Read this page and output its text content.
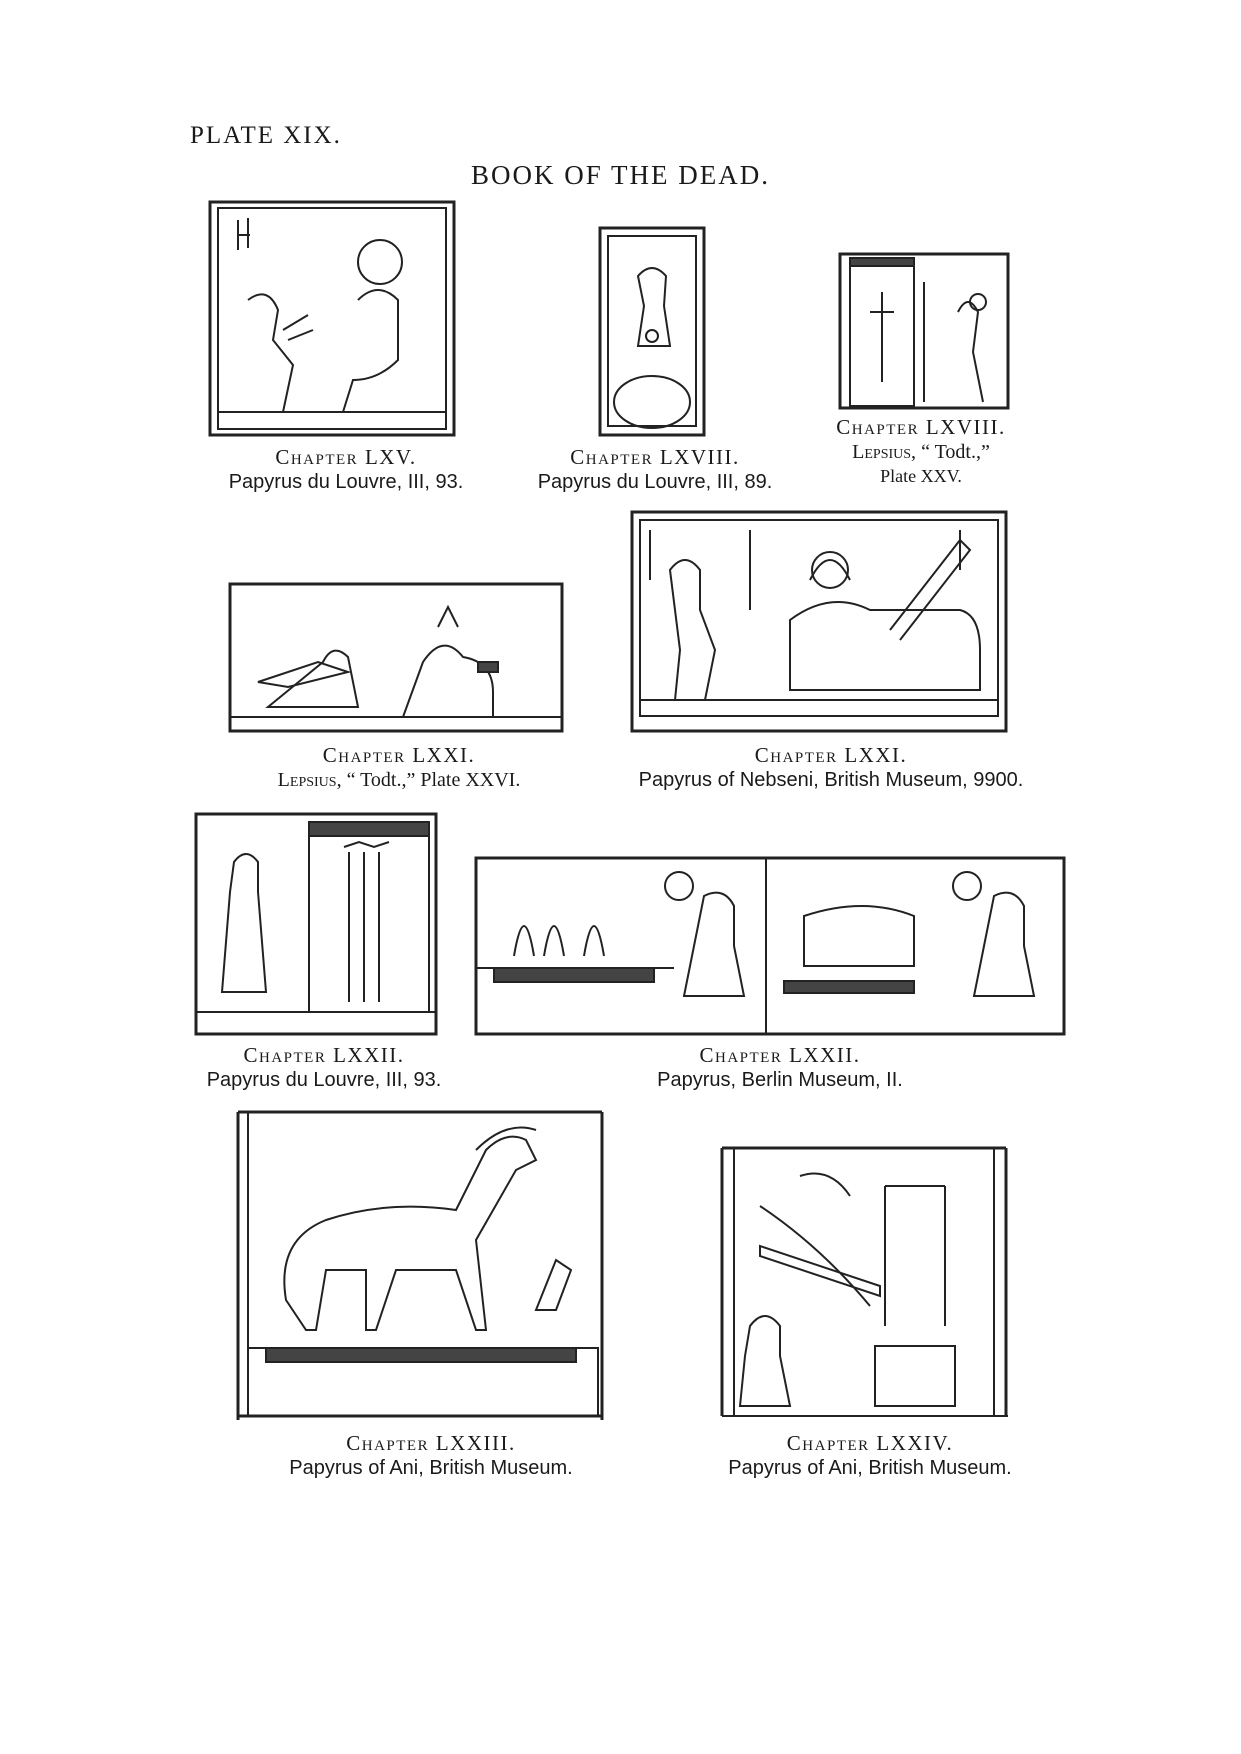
PLATE XIX.
BOOK OF THE DEAD.
Chapter LXV.
Papyrus du Louvre, III, 93.
Chapter LXVIII.
Papyrus du Louvre, III, 89.
Chapter LXVIII.
Lepsius, “ Todt.,”
Plate XXV.
Chapter LXXI.
Lepsius, “ Todt.,” Plate XXVI.
Chapter LXXI.
Papyrus of Nebseni, British Museum, 9900.
Chapter LXXII.
Papyrus du Louvre, III, 93.
Chapter LXXII.
Papyrus, Berlin Museum, II.
Chapter LXXIII.
Papyrus of Ani, British Museum.
Chapter LXXIV.
Papyrus of Ani, British Museum.
